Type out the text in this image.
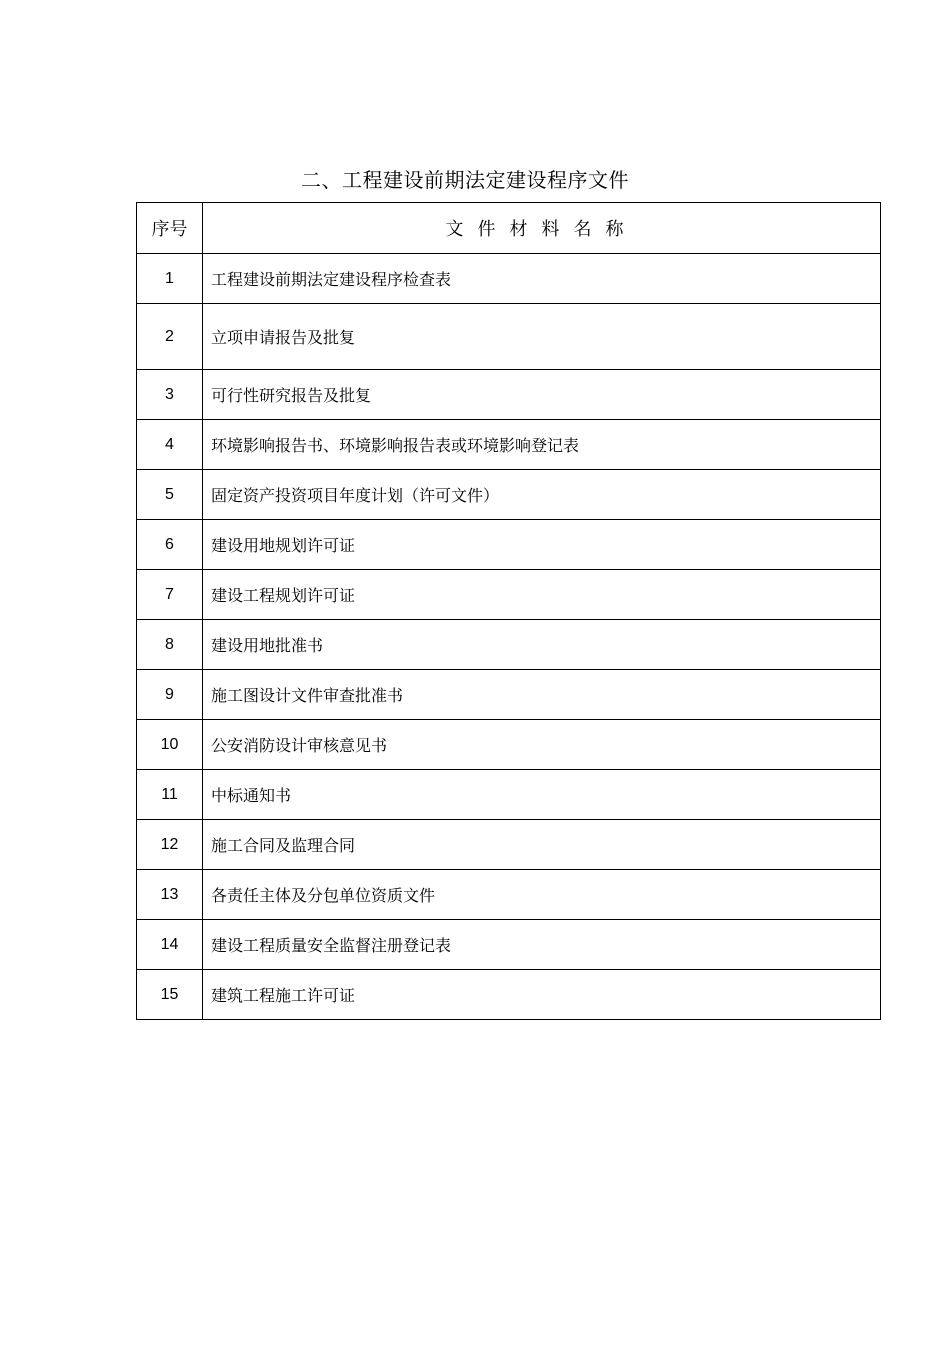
二、工程建设前期法定建设程序文件
序号	文件材料名称
1	工程建设前期法定建设程序检查表
2	立项申请报告及批复
3	可行性研究报告及批复
4	环境影响报告书、环境影响报告表或环境影响登记表
5	固定资产投资项目年度计划（许可文件）
6	建设用地规划许可证
7	建设工程规划许可证
8	建设用地批准书
9	施工图设计文件审查批准书
10	公安消防设计审核意见书
11	中标通知书
12	施工合同及监理合同
13	各责任主体及分包单位资质文件
14	建设工程质量安全监督注册登记表
15	建筑工程施工许可证
